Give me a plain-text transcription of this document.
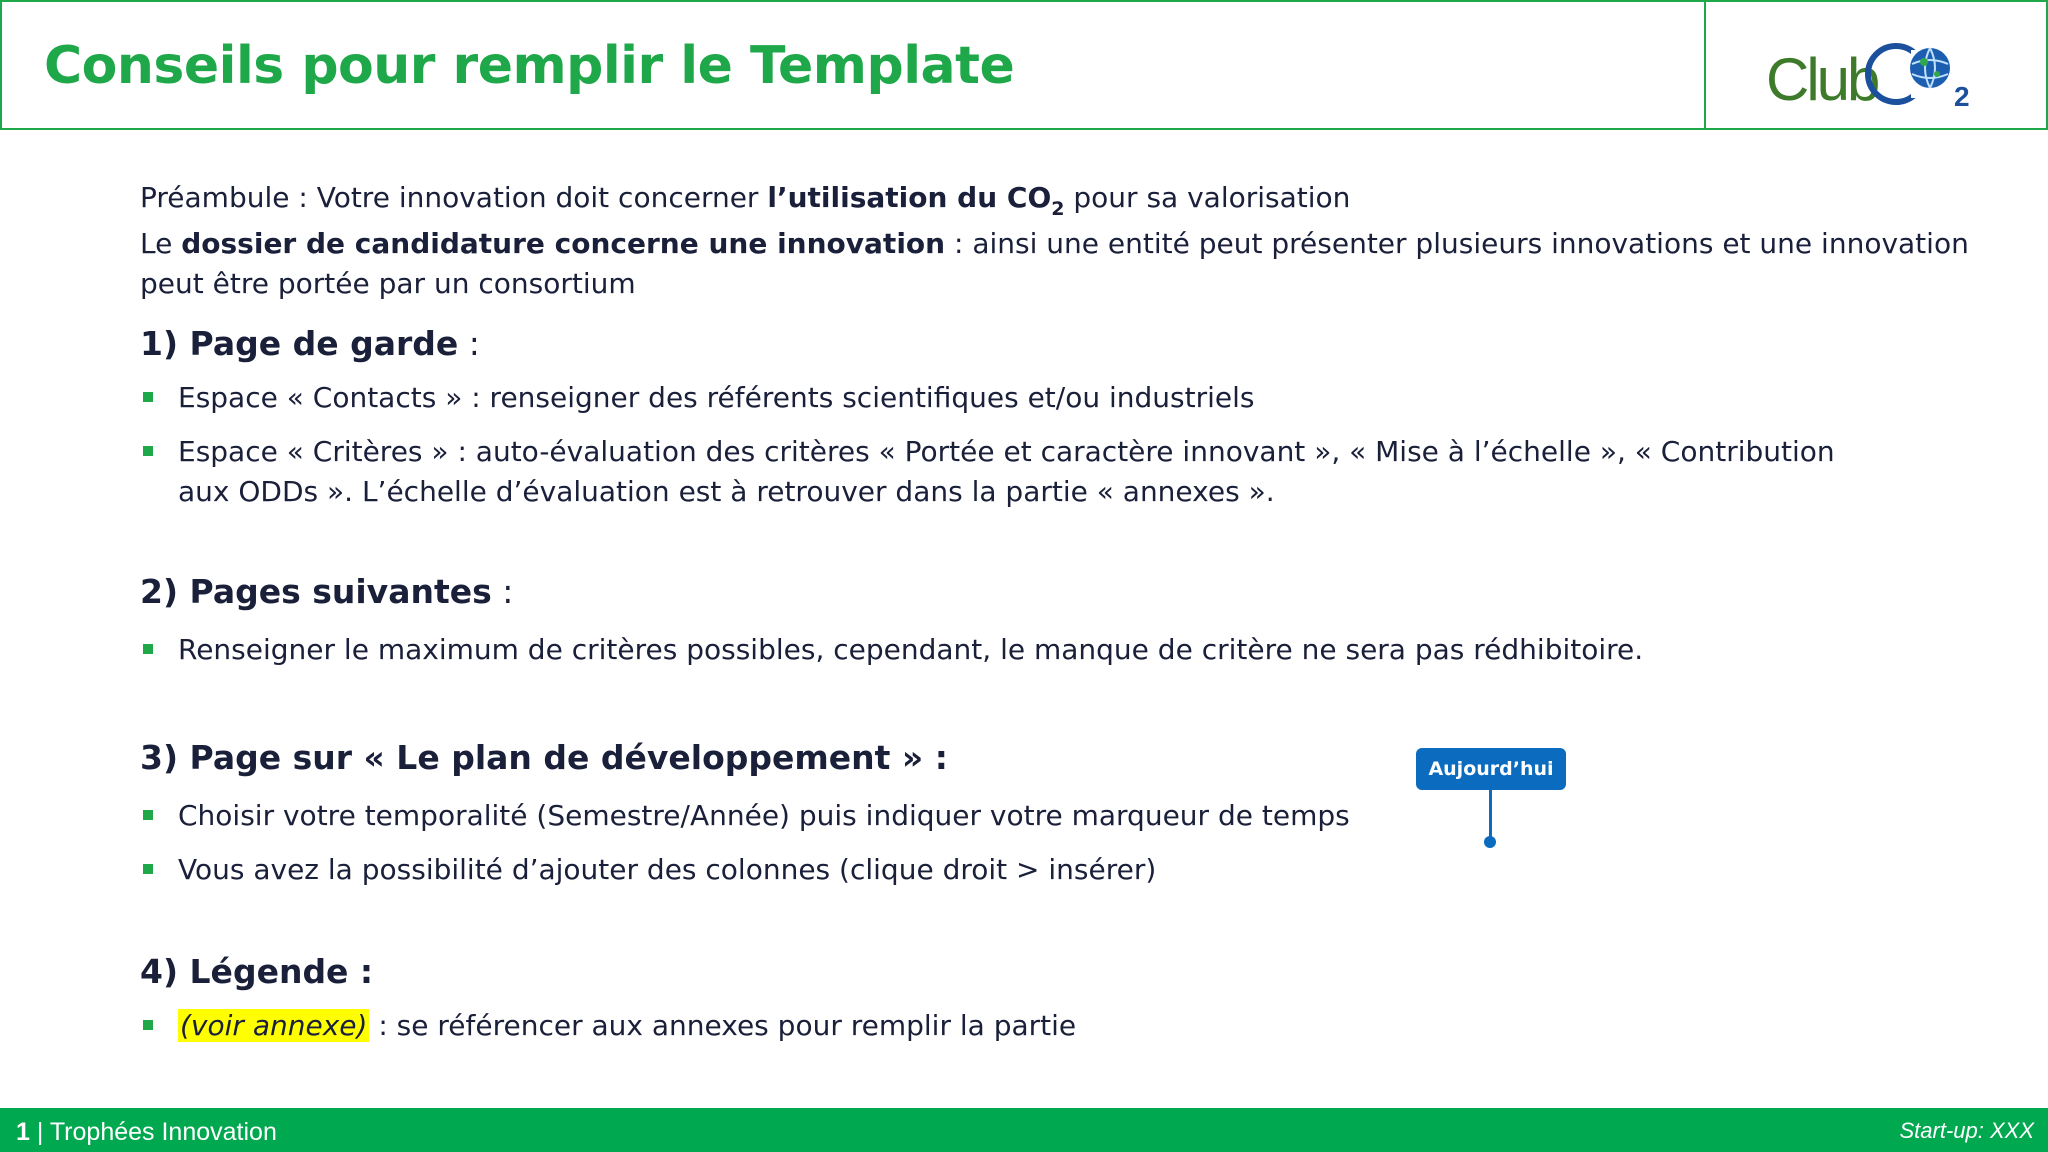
Conseils pour remplir le Template	Club	2
Préambule : Votre innovation doit concerner l’utilisation du $CO_2$ pour sa valorisation
Le dossier de candidature concerne une innovation : ainsi une entité peut présenter plusieurs innovations et une innovation
peut être portée par un consortium
1) Page de garde :
Espace « Contacts » : renseigner des référents scientifiques et/ou industriels
Espace « Critères » : auto-évaluation des critères « Portée et caractère innovant », « Mise à l’échelle », « Contribution
aux ODDs ». L’échelle d’évaluation est à retrouver dans la partie « annexes ».
2) Pages suivantes :
Renseigner le maximum de critères possibles, cependant, le manque de critère ne sera pas rédhibitoire.
3) Page sur « Le plan de développement » :
Choisir votre temporalité (Semestre/Année) puis indiquer votre marqueur de temps
Vous avez la possibilité d’ajouter des colonnes (clique droit > insérer)
4) Légende :
(voir annexe) : se référencer aux annexes pour remplir la partie
Aujourd’hui
1 | Trophées Innovation	Start-up: XXX
